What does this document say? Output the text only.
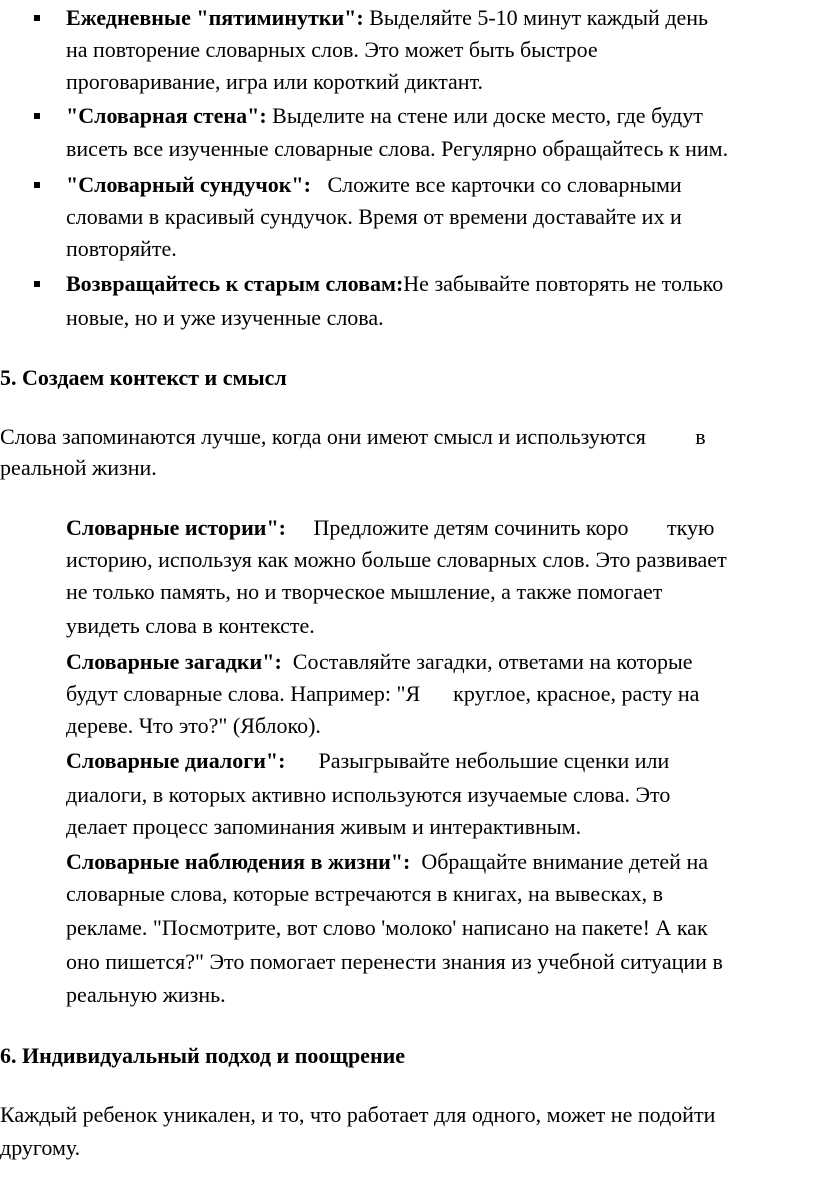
Ежедневные "пятиминутки": Выделяйте 5-10 минут каждый день
на повторение словарных слов. Это может быть быстрое
проговаривание, игра или короткий диктант.
"Словарная стена": Выделите на стене или доске место, где будут
висеть все изученные словарные слова. Регулярно обращайтесь к ним.
"Словарный сундучок":   Сложите все карточки со словарными
словами в красивый сундучок. Время от времени доставайте их и
повторяйте.
Возвращайтесь к старым словам:Не забывайте повторять не только
новые, но и уже изученные слова.
5. Создаем контекст и смысл
Слова запоминаются лучше, когда они имеют смысл и используются         в
реальной жизни.
Словарные истории":     Предложите детям сочинить коро       ткую
историю, используя как можно больше словарных слов. Это развивает
не только память, но и творческое мышление, а также помогает
увидеть слова в контексте.
Словарные загадки":  Составляйте загадки, ответами на которые
будут словарные слова. Например: "Я      круглое, красное, расту на
дереве. Что это?" (Яблоко).
Словарные диалоги":      Разыгрывайте небольшие сценки или
диалоги, в которых активно используются изучаемые слова. Это
делает процесс запоминания живым и интерактивным.
Словарные наблюдения в жизни":  Обращайте внимание детей на
словарные слова, которые встречаются в книгах, на вывесках, в
рекламе. "Посмотрите, вот слово 'молоко' написано на пакете! А как
оно пишется?" Это помогает перенести знания из учебной ситуации в
реальную жизнь.
6. Индивидуальный подход и поощрение
Каждый ребенок уникален, и то, что работает для одного, может не подойти
другому.
